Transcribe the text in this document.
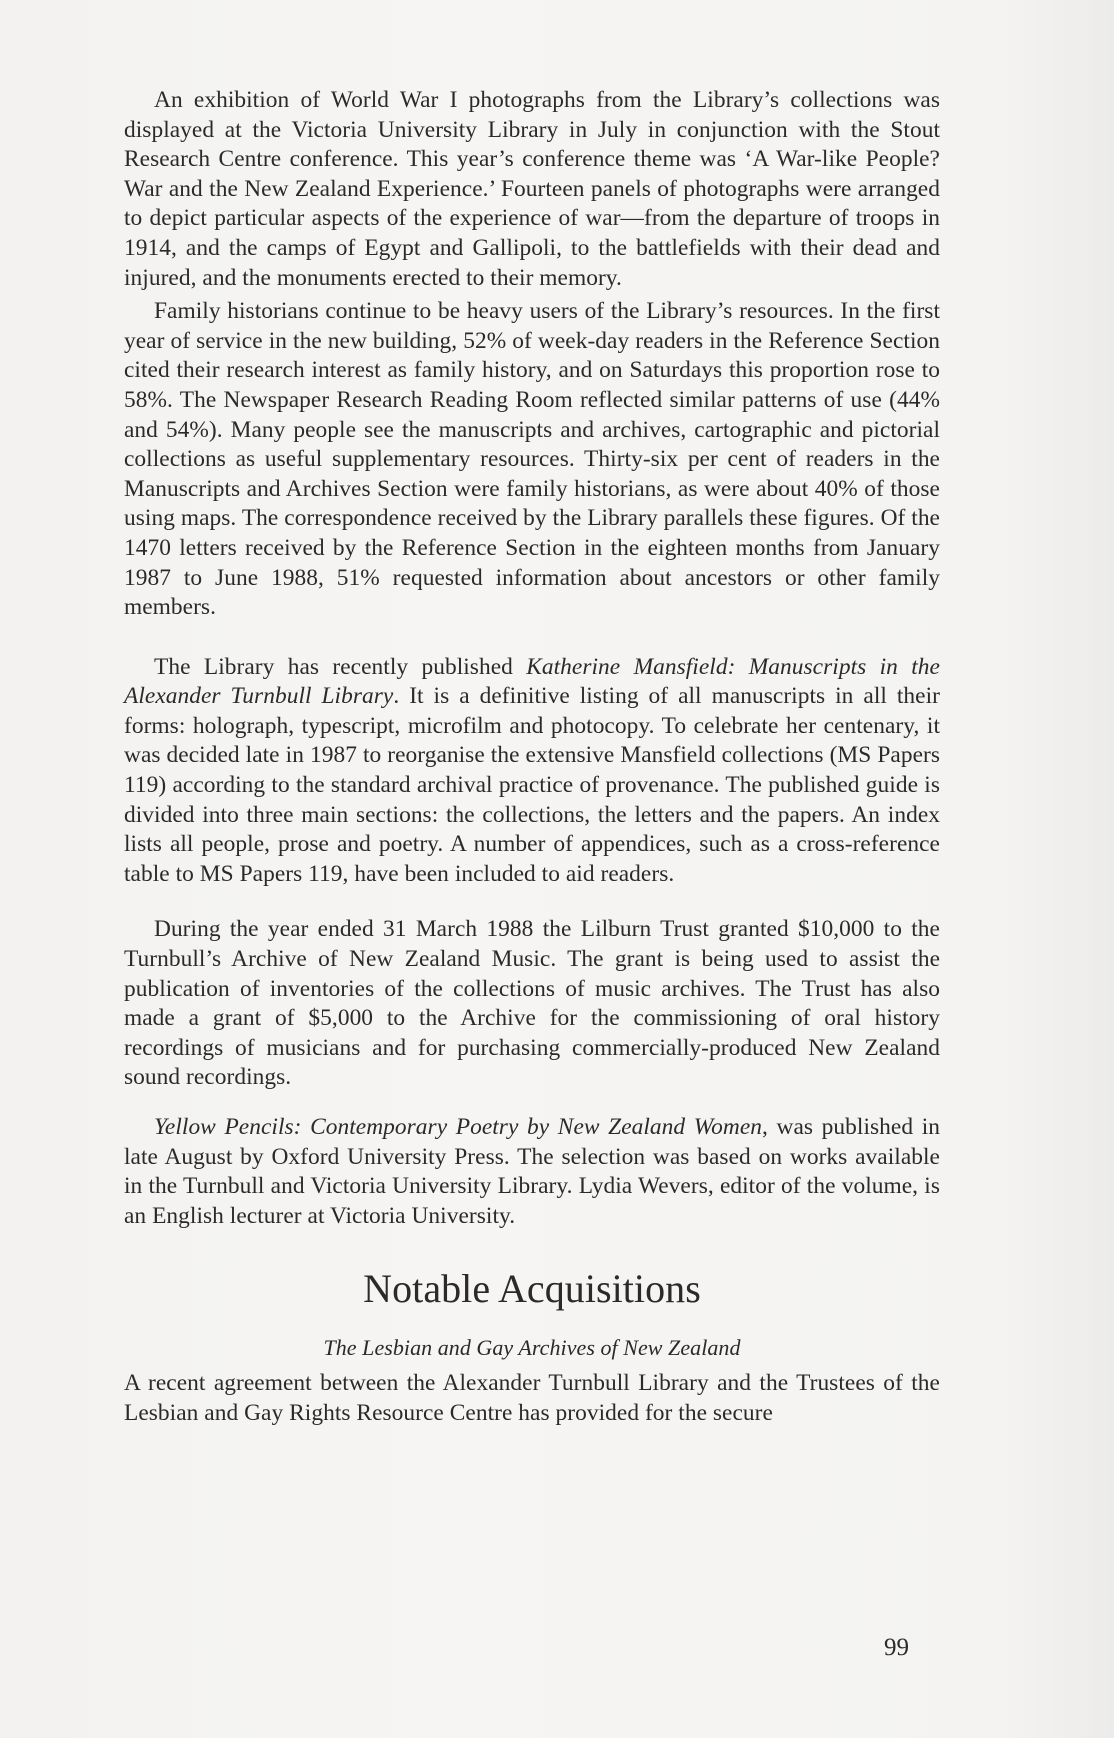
An exhibition of World War I photographs from the Library’s collections was displayed at the Victoria University Library in July in conjunction with the Stout Research Centre conference. This year’s conference theme was ‘A War-like People? War and the New Zealand Experience.’ Fourteen panels of photographs were arranged to depict particular aspects of the experience of war—from the departure of troops in 1914, and the camps of Egypt and Gallipoli, to the battlefields with their dead and injured, and the monuments erected to their memory.

Family historians continue to be heavy users of the Library’s resources. In the first year of service in the new building, 52% of week-day readers in the Reference Section cited their research interest as family history, and on Saturdays this proportion rose to 58%. The Newspaper Research Reading Room reflected similar patterns of use (44% and 54%). Many people see the manuscripts and archives, cartographic and pictorial collections as useful supplementary resources. Thirty-six per cent of readers in the Manuscripts and Archives Section were family historians, as were about 40% of those using maps. The correspondence received by the Library parallels these figures. Of the 1470 letters received by the Reference Section in the eighteen months from January 1987 to June 1988, 51% requested information about ancestors or other family members.

The Library has recently published Katherine Mansfield: Manuscripts in the Alexander Turnbull Library. It is a definitive listing of all manuscripts in all their forms: holograph, typescript, microfilm and photocopy. To celebrate her centenary, it was decided late in 1987 to reorganise the extensive Mansfield collections (MS Papers 119) according to the standard archival practice of provenance. The published guide is divided into three main sections: the collections, the letters and the papers. An index lists all people, prose and poetry. A number of appendices, such as a cross-reference table to MS Papers 119, have been included to aid readers.

During the year ended 31 March 1988 the Lilburn Trust granted $10,000 to the Turnbull’s Archive of New Zealand Music. The grant is being used to assist the publication of inventories of the collections of music archives. The Trust has also made a grant of $5,000 to the Archive for the commissioning of oral history recordings of musicians and for purchasing commercially-produced New Zealand sound recordings.

Yellow Pencils: Contemporary Poetry by New Zealand Women, was published in late August by Oxford University Press. The selection was based on works available in the Turnbull and Victoria University Library. Lydia Wevers, editor of the volume, is an English lecturer at Victoria University.

Notable Acquisitions
The Lesbian and Gay Archives of New Zealand

A recent agreement between the Alexander Turnbull Library and the Trustees of the Lesbian and Gay Rights Resource Centre has provided for the secure

99
